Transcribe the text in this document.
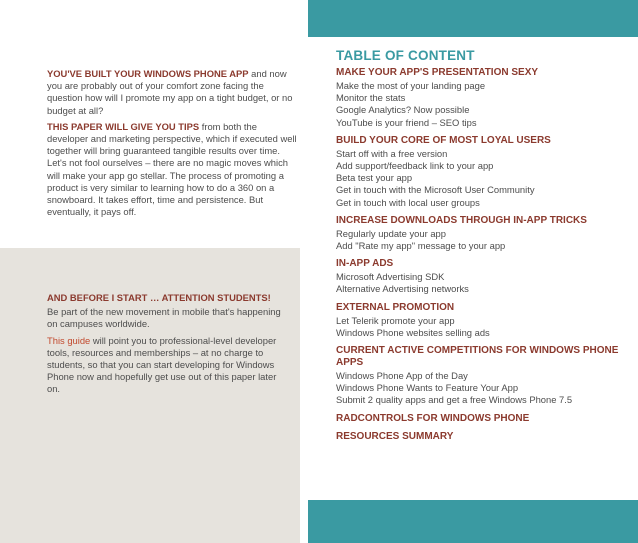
YOU'VE BUILT YOUR WINDOWS PHONE APP and now you are probably out of your comfort zone facing the question how will I promote my app on a tight budget, or no budget at all?

THIS PAPER WILL GIVE YOU TIPS from both the developer and marketing perspective, which if executed well together will bring guaranteed tangible results over time. Let's not fool ourselves – there are no magic moves which will make your app go stellar. The process of promoting a product is very similar to learning how to do a 360 on a snowboard. It takes effort, time and persistence. But eventually, it pays off.

AND BEFORE I START … ATTENTION STUDENTS!

Be part of the new movement in mobile that's happening on campuses worldwide.

This guide will point you to professional-level developer tools, resources and memberships – at no charge to students, so that you can start developing for Windows Phone now and hopefully get use out of this paper later on.

TABLE OF CONTENT
MAKE YOUR APP'S PRESENTATION SEXY
Make the most of your landing page
Monitor the stats
Google Analytics? Now possible
YouTube is your friend – SEO tips
BUILD YOUR CORE OF MOST LOYAL USERS
Start off with a free version
Add support/feedback link to your app
Beta test your app
Get in touch with the Microsoft User Community
Get in touch with local user groups
INCREASE DOWNLOADS THROUGH IN-APP TRICKS
Regularly update your app
Add "Rate my app" message to your app
IN-APP ADS
Microsoft Advertising SDK
Alternative Advertising networks
EXTERNAL PROMOTION
Let Telerik promote your app
Windows Phone websites selling ads
CURRENT ACTIVE COMPETITIONS FOR WINDOWS PHONE APPS
Windows Phone App of the Day
Windows Phone Wants to Feature Your App
Submit 2 quality apps and get a free Windows Phone 7.5
RADCONTROLS FOR WINDOWS PHONE
RESOURCES SUMMARY
